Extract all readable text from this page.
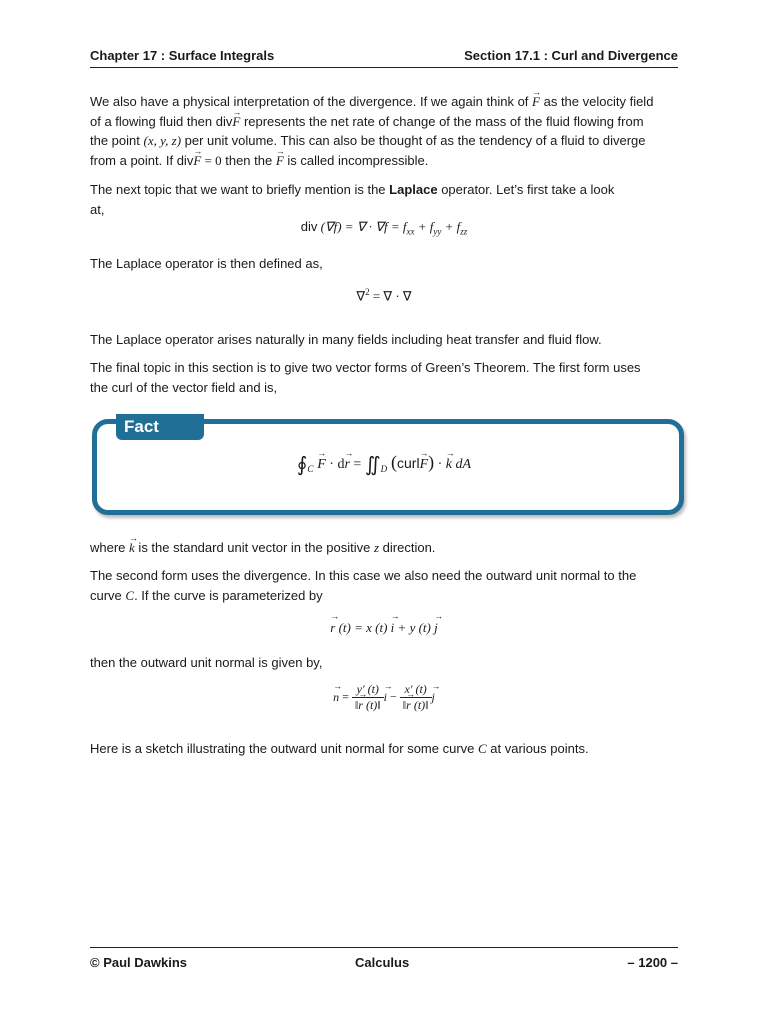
Chapter 17 : Surface Integrals	Section 17.1 : Curl and Divergence
We also have a physical interpretation of the divergence. If we again think of F → as the velocity field
of a flowing fluid then divF → represents the net rate of change of the mass of the fluid flowing from
the point (x, y, z) per unit volume. This can also be thought of as the tendency of a fluid to diverge
from a point. If divF → = 0 then the F → is called incompressible.
The next topic that we want to briefly mention is the Laplace operator. Let’s first take a look
at,
div (∇f) = ∇ · $\nabla f = f_{xx} + f_{yy} + f_{zz}$
The Laplace operator is then defined as,
∇$^2$ = ∇ · ∇
The Laplace operator arises naturally in many fields including heat transfer and fluid flow.
The final topic in this section is to give two vector forms of Green’s Theorem. The first form uses
the curl of the vector field and is,
Fact
$∮_C$ F → · dr → = $∬_D$ (curlF →) · k → dA
where k → is the standard unit vector in the positive z direction.
The second form uses the divergence. In this case we also need the outward unit normal to the
curve C. If the curve is parameterized by
r → (t) = x (t) i → + y (t) j →
then the outward unit normal is given by,
n → = $\frac{y' (t)}{‖r \to (t)‖}$ i → − $\frac{x' (t)}{‖r \to (t)‖}$ j →
Here is a sketch illustrating the outward unit normal for some curve C at various points.
© Paul Dawkins	Calculus	– 1200 –
